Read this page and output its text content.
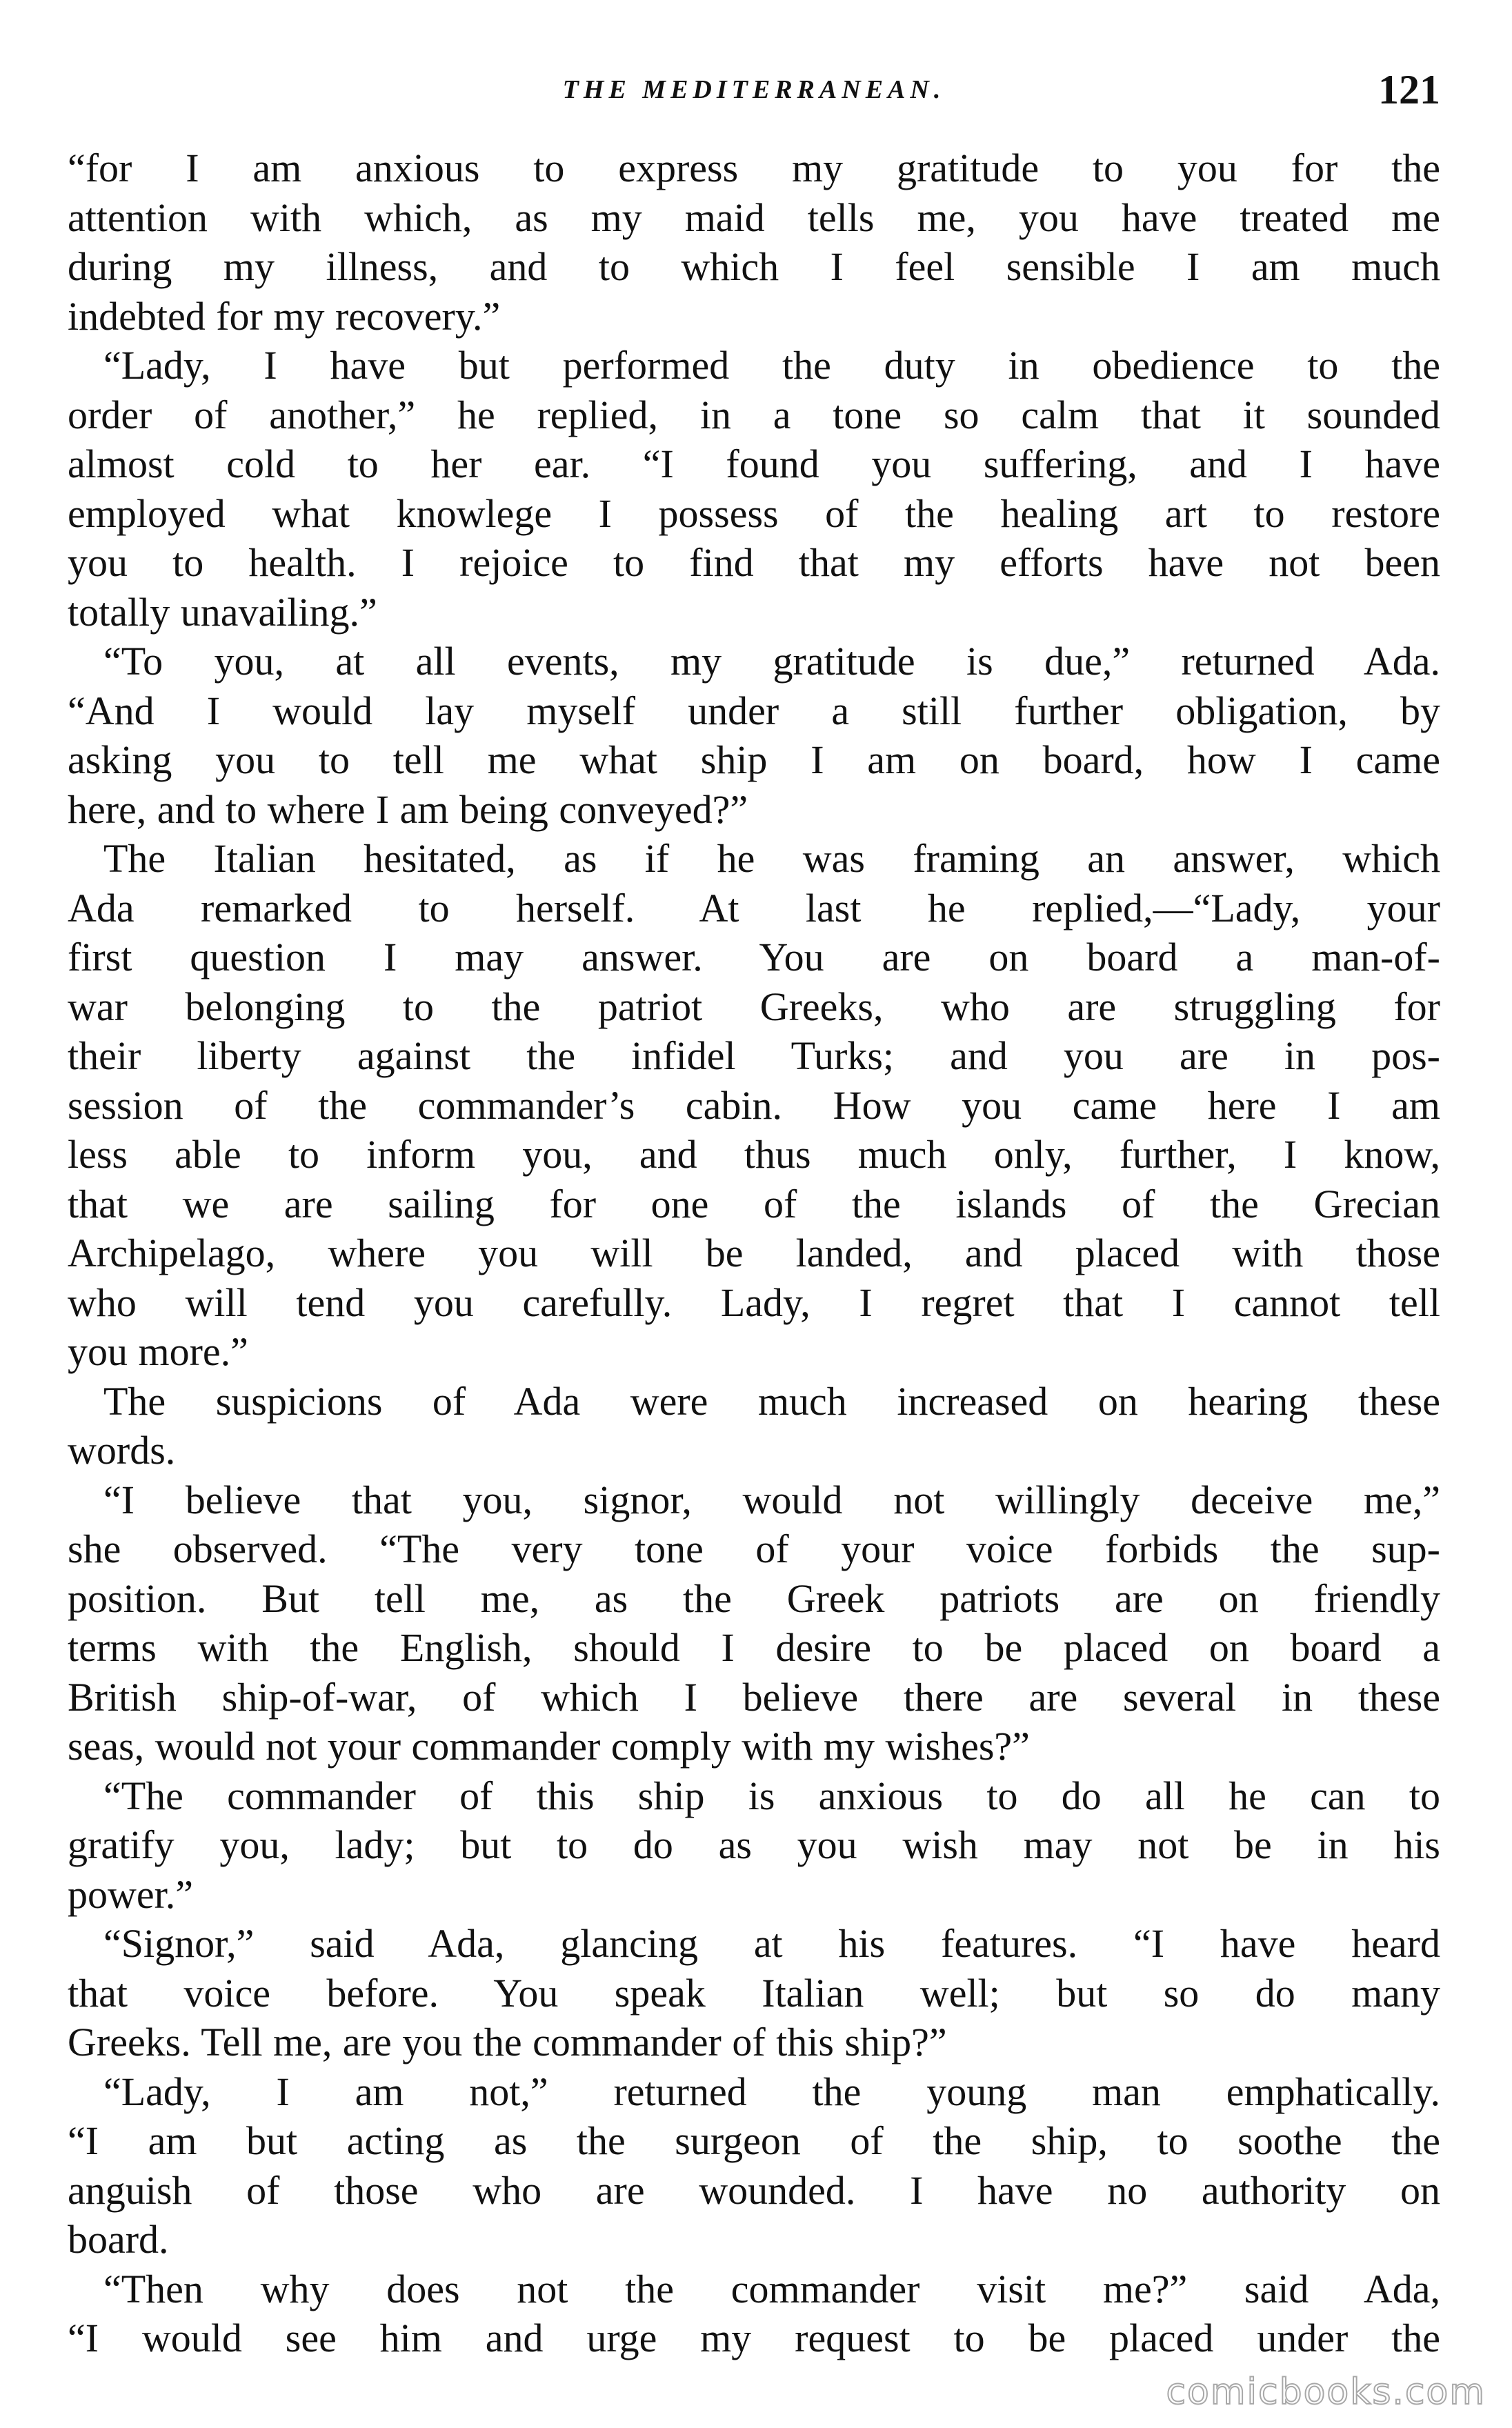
THE MEDITERRANEAN.	121
“for I am anxious to express my gratitude to you for the
attention with which, as my maid tells me, you have treated me
during my illness, and to which I feel sensible I am much
indebted for my recovery.”
“Lady, I have but performed the duty in obedience to the
order of another,” he replied, in a tone so calm that it sounded
almost cold to her ear. “I found you suffering, and I have
employed what knowlege I possess of the healing art to restore
you to health. I rejoice to find that my efforts have not been
totally unavailing.”
“To you, at all events, my gratitude is due,” returned Ada.
“And I would lay myself under a still further obligation, by
asking you to tell me what ship I am on board, how I came
here, and to where I am being conveyed?”
The Italian hesitated, as if he was framing an answer, which
Ada remarked to herself. At last he replied,—“Lady, your
first question I may answer. You are on board a man-of-
war belonging to the patriot Greeks, who are struggling for
their liberty against the infidel Turks; and you are in pos-
session of the commander’s cabin. How you came here I am
less able to inform you, and thus much only, further, I know,
that we are sailing for one of the islands of the Grecian
Archipelago, where you will be landed, and placed with those
who will tend you carefully. Lady, I regret that I cannot tell
you more.”
The suspicions of Ada were much increased on hearing these
words.
“I believe that you, signor, would not willingly deceive me,”
she observed. “The very tone of your voice forbids the sup-
position. But tell me, as the Greek patriots are on friendly
terms with the English, should I desire to be placed on board a
British ship-of-war, of which I believe there are several in these
seas, would not your commander comply with my wishes?”
“The commander of this ship is anxious to do all he can to
gratify you, lady; but to do as you wish may not be in his
power.”
“Signor,” said Ada, glancing at his features. “I have heard
that voice before. You speak Italian well; but so do many
Greeks. Tell me, are you the commander of this ship?”
“Lady, I am not,” returned the young man emphatically.
“I am but acting as the surgeon of the ship, to soothe the
anguish of those who are wounded. I have no authority on
board.
“Then why does not the commander visit me?” said Ada,
“I would see him and urge my request to be placed under the
comicbooks.com
